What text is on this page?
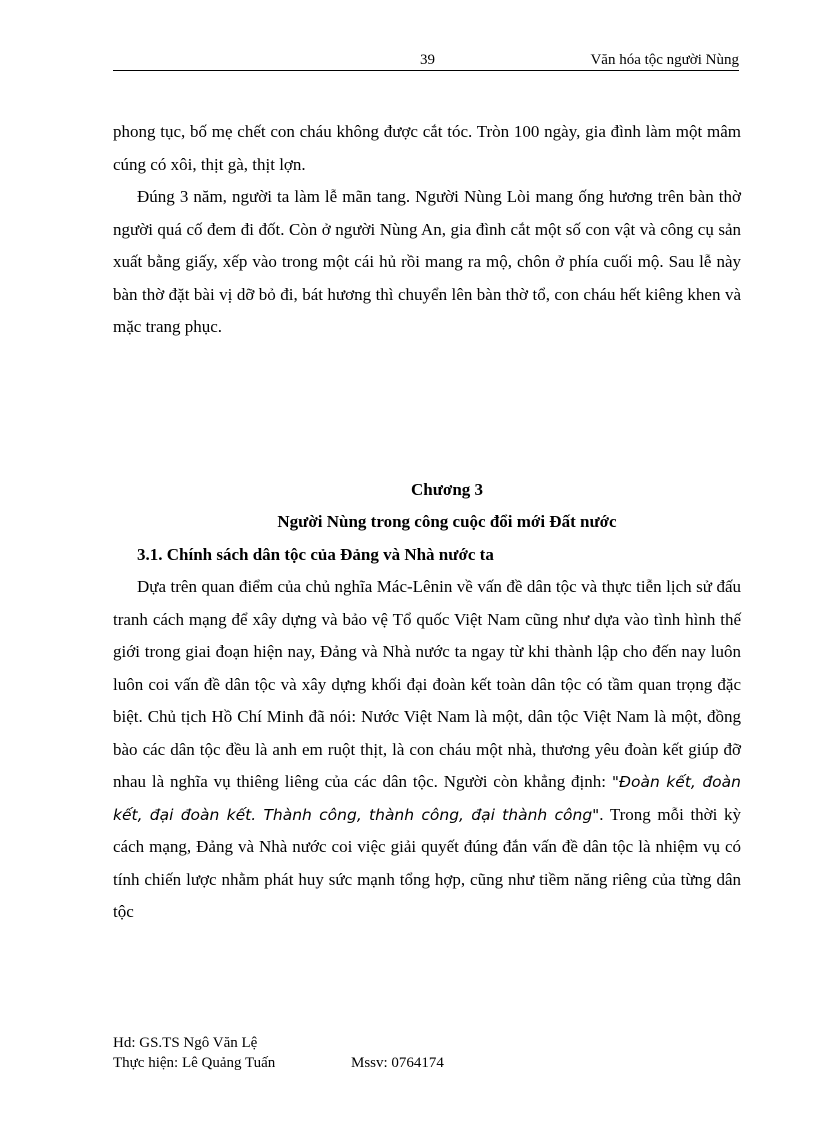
39	Văn hóa tộc người Nùng

phong tục, bố mẹ chết con cháu không được cắt tóc. Tròn 100 ngày, gia đình làm một mâm cúng có xôi, thịt gà, thịt lợn.

Đúng 3 năm, người ta làm lễ mãn tang. Người Nùng Lòi mang ống hương trên bàn thờ người quá cố đem đi đốt. Còn ở người Nùng An, gia đình cắt một số con vật và công cụ sản xuất bằng giấy, xếp vào trong một cái hủ rồi mang ra mộ, chôn ở phía cuối mộ. Sau lễ này bàn thờ đặt bài vị dỡ bỏ đi, bát hương thì chuyển lên bàn thờ tổ, con cháu hết kiêng khen và mặc trang phục.

Chương 3

Người Nùng trong công cuộc đổi mới Đất nước

3.1. Chính sách dân tộc của Đảng và Nhà nước ta

Dựa trên quan điểm của chủ nghĩa Mác-Lênin về vấn đề dân tộc và thực tiễn lịch sử đấu tranh cách mạng để xây dựng và bảo vệ Tổ quốc Việt Nam cũng như dựa vào tình hình thế giới trong giai đoạn hiện nay, Đảng và Nhà nước ta ngay từ khi thành lập cho đến nay luôn luôn coi vấn đề dân tộc và xây dựng khối đại đoàn kết toàn dân tộc có tầm quan trọng đặc biệt. Chủ tịch Hồ Chí Minh đã nói: Nước Việt Nam là một, dân tộc Việt Nam là một, đồng bào các dân tộc đều là anh em ruột thịt, là con cháu một nhà, thương yêu đoàn kết giúp đỡ nhau là nghĩa vụ thiêng liêng của các dân tộc. Người còn khẳng định: "Đoàn kết, đoàn kết, đại đoàn kết. Thành công, thành công, đại thành công". Trong mỗi thời kỳ cách mạng, Đảng và Nhà nước coi việc giải quyết đúng đắn vấn đề dân tộc là nhiệm vụ có tính chiến lược nhằm phát huy sức mạnh tổng hợp, cũng như tiềm năng riêng của từng dân tộc

Hd: GS.TS Ngô Văn Lệ
Thực hiện: Lê Quảng Tuấn	Mssv: 0764174
